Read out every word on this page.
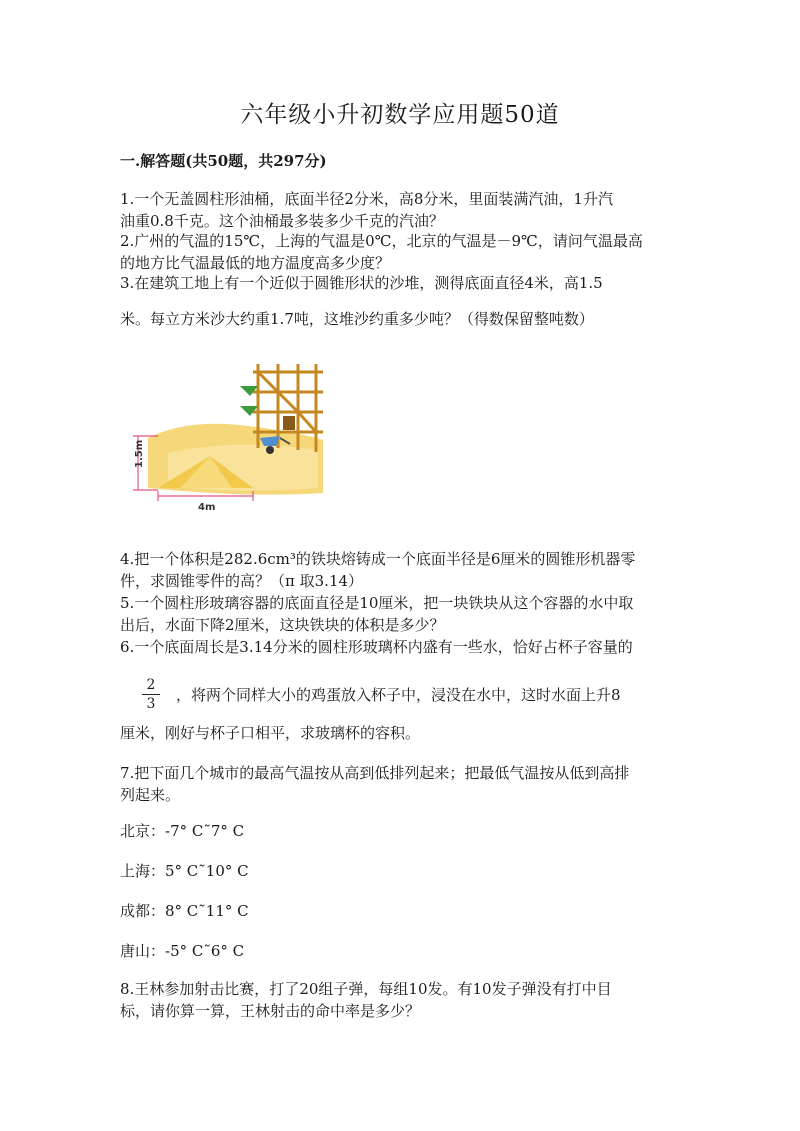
六年级小升初数学应用题50道
一.解答题(共50题，共297分)
1.一个无盖圆柱形油桶，底面半径2分米，高8分米，里面装满汽油，1升汽
油重0.8千克。这个油桶最多装多少千克的汽油？
2.广州的气温的15℃，上海的气温是0℃，北京的气温是－9℃，请问气温最高
的地方比气温最低的地方温度高多少度？
3.在建筑工地上有一个近似于圆锥形状的沙堆，测得底面直径4米，高1.5
米。每立方米沙大约重1.7吨，这堆沙约重多少吨？（得数保留整吨数）
1.5m
4m
4.把一个体积是282.6cm³的铁块熔铸成一个底面半径是6厘米的圆锥形机器零
件，求圆锥零件的高？（π 取3.14）
5.一个圆柱形玻璃容器的底面直径是10厘米，把一块铁块从这个容器的水中取
出后，水面下降2厘米，这块铁块的体积是多少？
6.一个底面周长是3.14分米的圆柱形玻璃杯内盛有一些水，恰好占杯子容量的
2
3	，将两个同样大小的鸡蛋放入杯子中，浸没在水中，这时水面上升8
厘米，刚好与杯子口相平，求玻璃杯的容积。
7.把下面几个城市的最高气温按从高到低排列起来；把最低气温按从低到高排
列起来。
北京：-7° C˜7° C
上海：5° C˜10° C
成都：8° C˜11° C
唐山：-5° C˜6° C
8.王林参加射击比赛，打了20组子弹，每组10发。有10发子弹没有打中目
标，请你算一算，王林射击的命中率是多少？
